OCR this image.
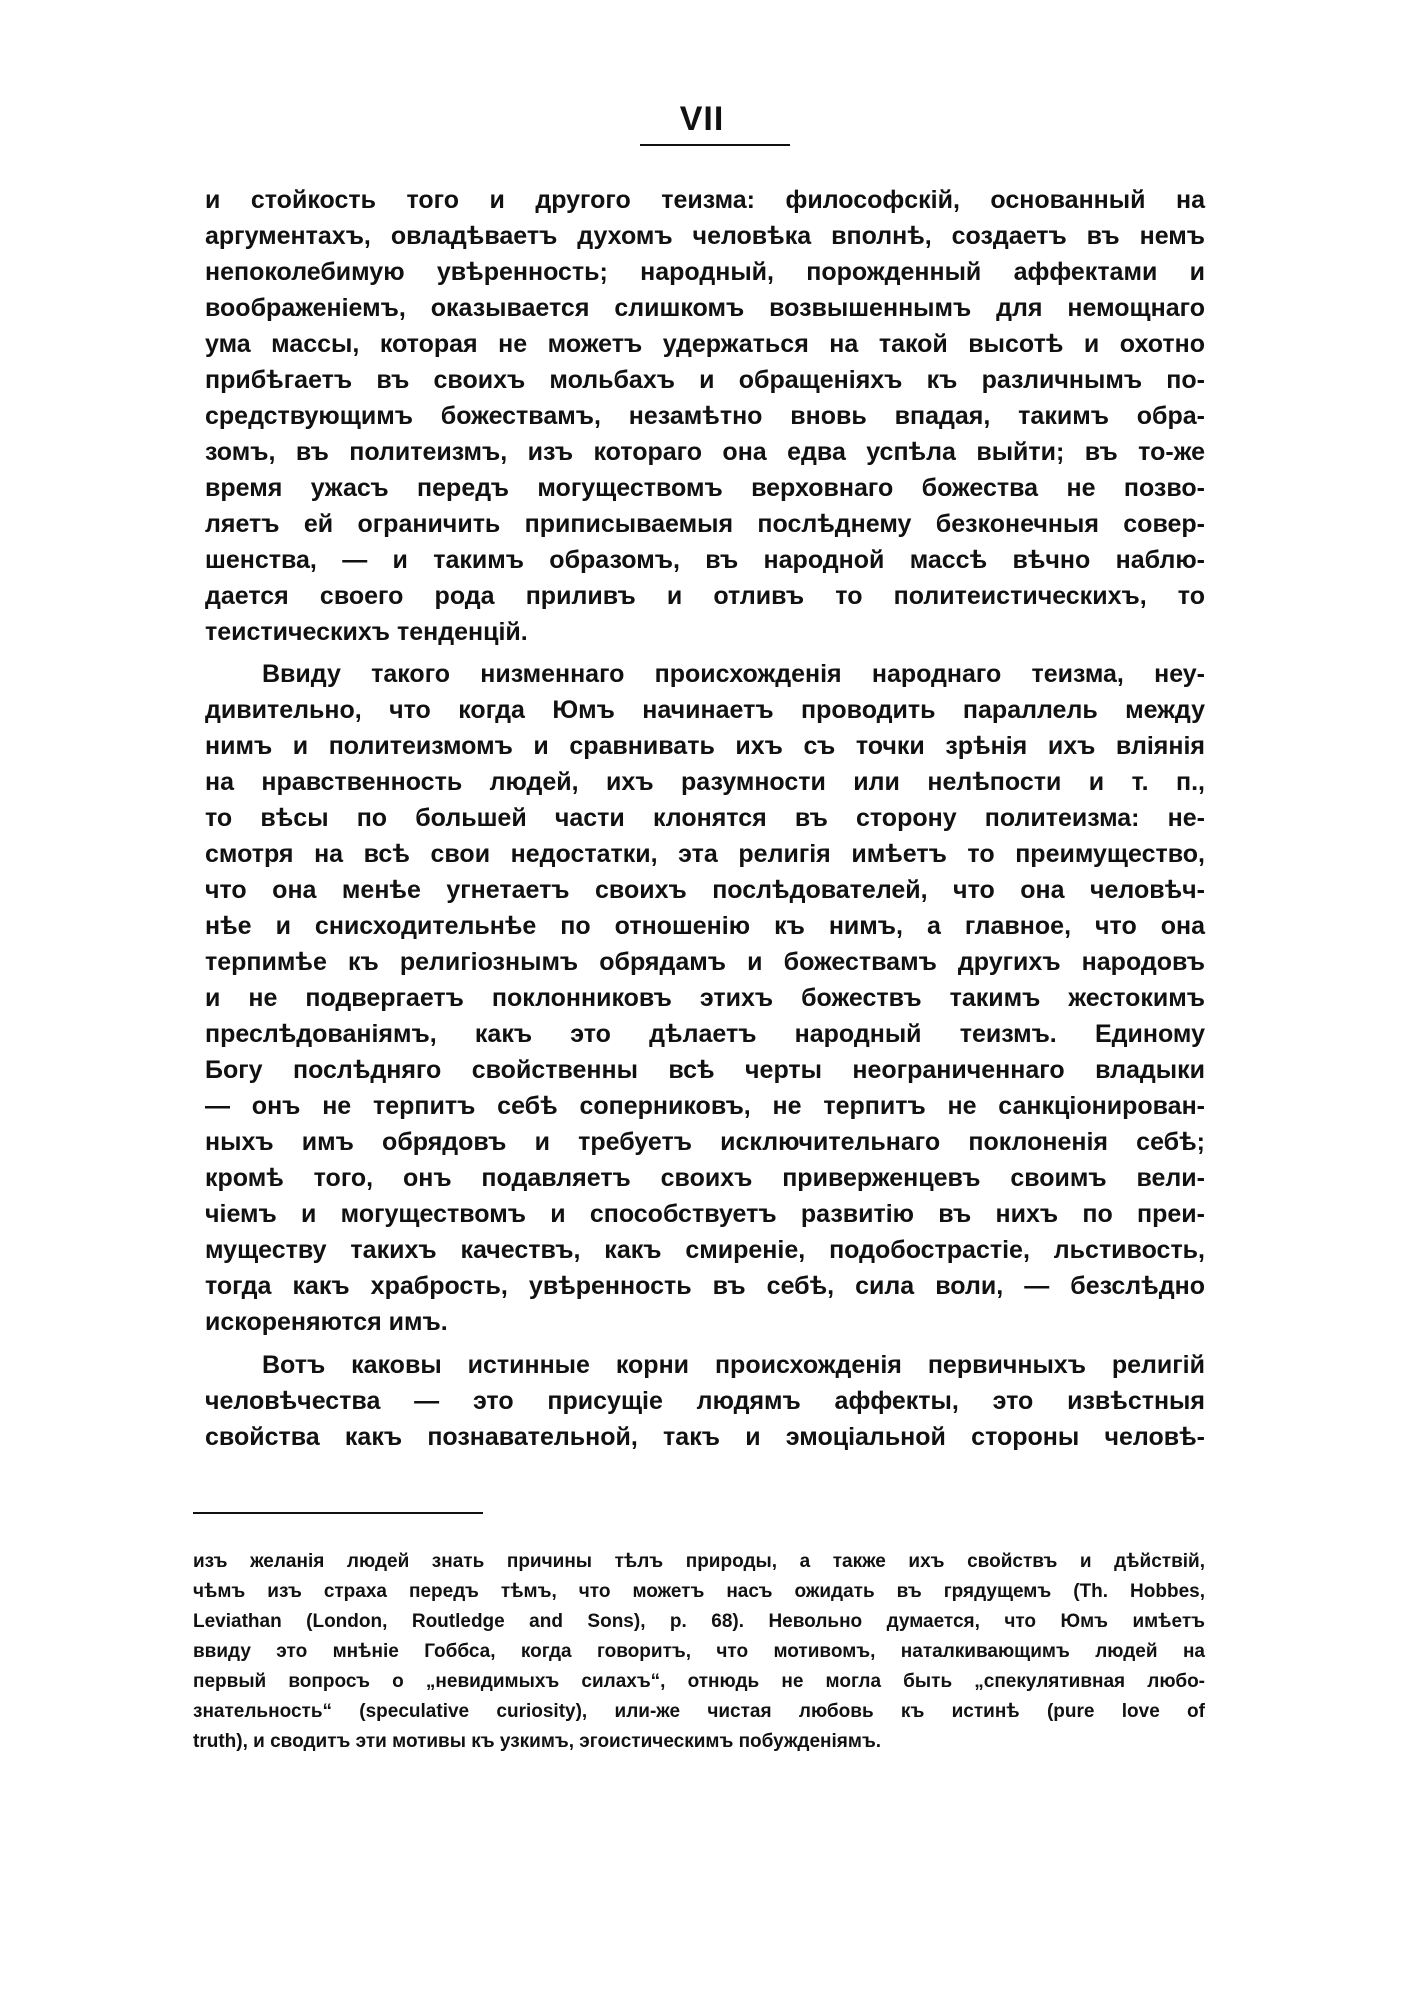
VII
и стойкость того и другого теизма: философскій, основанный на
аргументахъ, овладѣваетъ духомъ человѣка вполнѣ, создаетъ въ немъ
непоколебимую увѣренность; народный, порожденный аффектами и
воображеніемъ, оказывается слишкомъ возвышеннымъ для немощнаго
ума массы, которая не можетъ удержаться на такой высотѣ и охотно
прибѣгаетъ въ своихъ мольбахъ и обращеніяхъ къ различнымъ по-
средствующимъ божествамъ, незамѣтно вновь впадая, такимъ обра-
зомъ, въ политеизмъ, изъ котораго она едва успѣла выйти; въ то-же
время ужасъ передъ могуществомъ верховнаго божества не позво-
ляетъ ей ограничить приписываемыя послѣднему безконечныя совер-
шенства, — и такимъ образомъ, въ народной массѣ вѣчно наблю-
дается своего рода приливъ и отливъ то политеистическихъ, то
теистическихъ тенденцій.
Ввиду такого низменнаго происхожденія народнаго теизма, неу-
дивительно, что когда Юмъ начинаетъ проводить параллель между
нимъ и политеизмомъ и сравнивать ихъ съ точки зрѣнія ихъ вліянія
на нравственность людей, ихъ разумности или нелѣпости и т. п.,
то вѣсы по большей части клонятся въ сторону политеизма: не-
смотря на всѣ свои недостатки, эта религія имѣетъ то преимущество,
что она менѣе угнетаетъ своихъ послѣдователей, что она человѣч-
нѣе и снисходительнѣе по отношенію къ нимъ, а главное, что она
терпимѣе къ религіознымъ обрядамъ и божествамъ другихъ народовъ
и не подвергаетъ поклонниковъ этихъ божествъ такимъ жестокимъ
преслѣдованіямъ, какъ это дѣлаетъ народный теизмъ. Единому
Богу послѣдняго свойственны всѣ черты неограниченнаго владыки
— онъ не терпитъ себѣ соперниковъ, не терпитъ не санкціонирован-
ныхъ имъ обрядовъ и требуетъ исключительнаго поклоненія себѣ;
кромѣ того, онъ подавляетъ своихъ приверженцевъ своимъ вели-
чіемъ и могуществомъ и способствуетъ развитію въ нихъ по преи-
муществу такихъ качествъ, какъ смиреніе, подобострастіе, льстивость,
тогда какъ храбрость, увѣренность въ себѣ, сила воли, — безслѣдно
искореняются имъ.
Вотъ каковы истинные корни происхожденія первичныхъ религій
человѣчества — это присущіе людямъ аффекты, это извѣстныя
свойства какъ познавательной, такъ и эмоціальной стороны человѣ-
изъ желанія людей знать причины тѣлъ природы, а также ихъ свойствъ и дѣйствій,
чѣмъ изъ страха передъ тѣмъ, что можетъ насъ ожидать въ грядущемъ (Th. Hobbes,
Leviathan (London, Routledge and Sons), p. 68). Невольно думается, что Юмъ имѣетъ
ввиду это мнѣніе Гоббса, когда говоритъ, что мотивомъ, наталкивающимъ людей на
первый вопросъ о „невидимыхъ силахъ“, отнюдь не могла быть „спекулятивная любо-
знательность“ (speculative curiosity), или-же чистая любовь къ истинѣ (pure love of
truth), и сводитъ эти мотивы къ узкимъ, эгоистическимъ побужденіямъ.
